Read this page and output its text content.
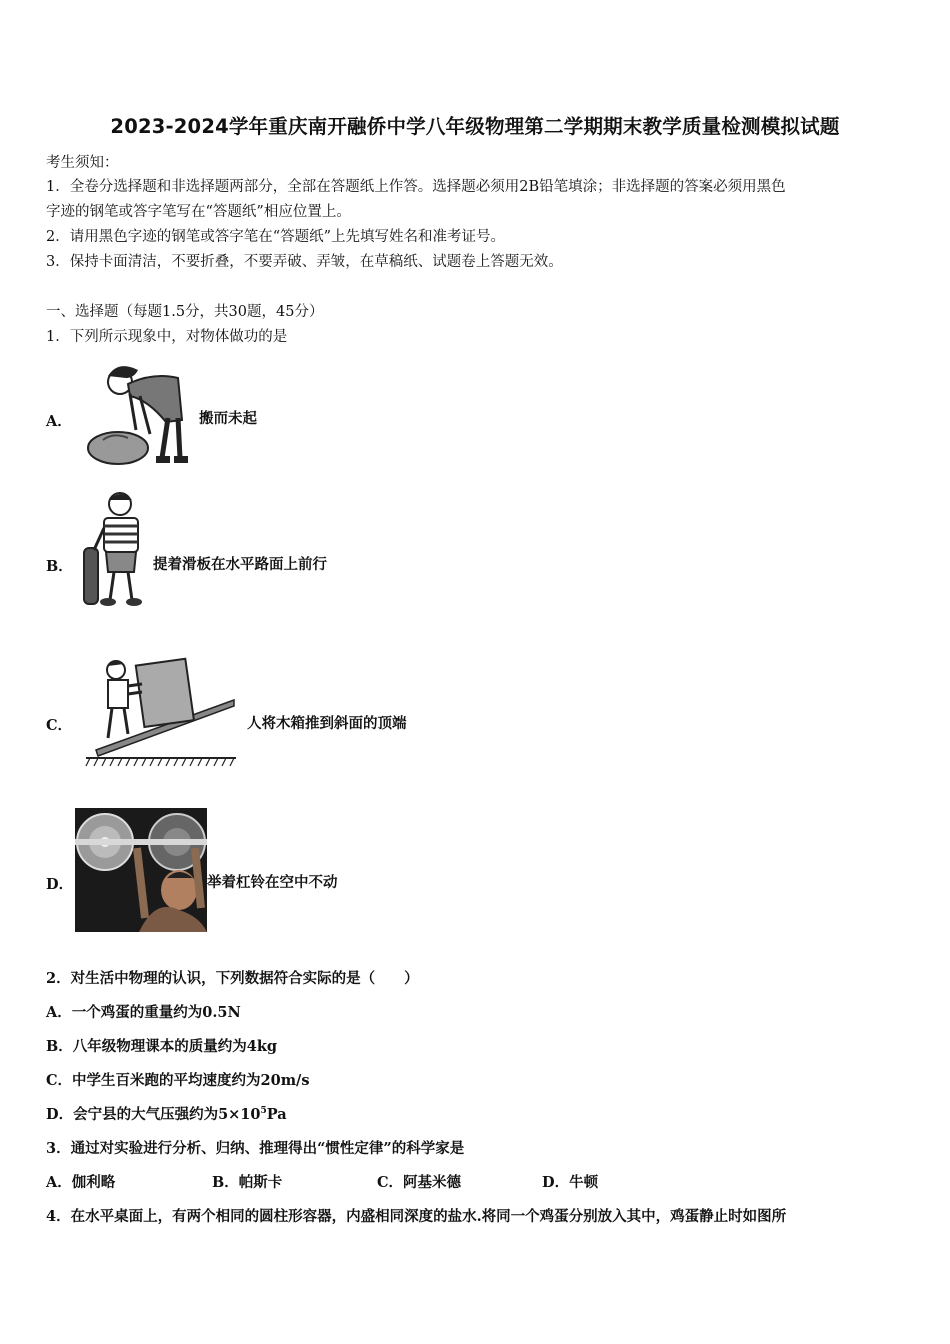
2023-2024学年重庆南开融侨中学八年级物理第二学期期末教学质量检测模拟试题
考生须知：
1．全卷分选择题和非选择题两部分，全部在答题纸上作答。选择题必须用2B铅笔填涂；非选择题的答案必须用黑色
字迹的钢笔或答字笔写在“答题纸”相应位置上。
2．请用黑色字迹的钢笔或答字笔在“答题纸”上先填写姓名和准考证号。
3．保持卡面清洁，不要折叠，不要弄破、弄皱，在草稿纸、试题卷上答题无效。
一、选择题（每题1.5分，共30题，45分）
1．下列所示现象中，对物体做功的是
A．	搬而未起
B．	提着滑板在水平路面上前行
C．	人将木箱推到斜面的顶端
D．	举着杠铃在空中不动
2．对生活中物理的认识，下列数据符合实际的是（　　）
A．一个鸡蛋的重量约为0.5N
B．八年级物理课本的质量约为4kg
C．中学生百米跑的平均速度约为20m/s
D．会宁县的大气压强约为$5\times 10^5Pa$
3．通过对实验进行分析、归纳、推理得出“惯性定律”的科学家是
A．伽利略	B．帕斯卡	C．阿基米德	D．牛顿
4．在水平桌面上，有两个相同的圆柱形容器，内盛相同深度的盐水.将同一个鸡蛋分别放入其中，鸡蛋静止时如图所
